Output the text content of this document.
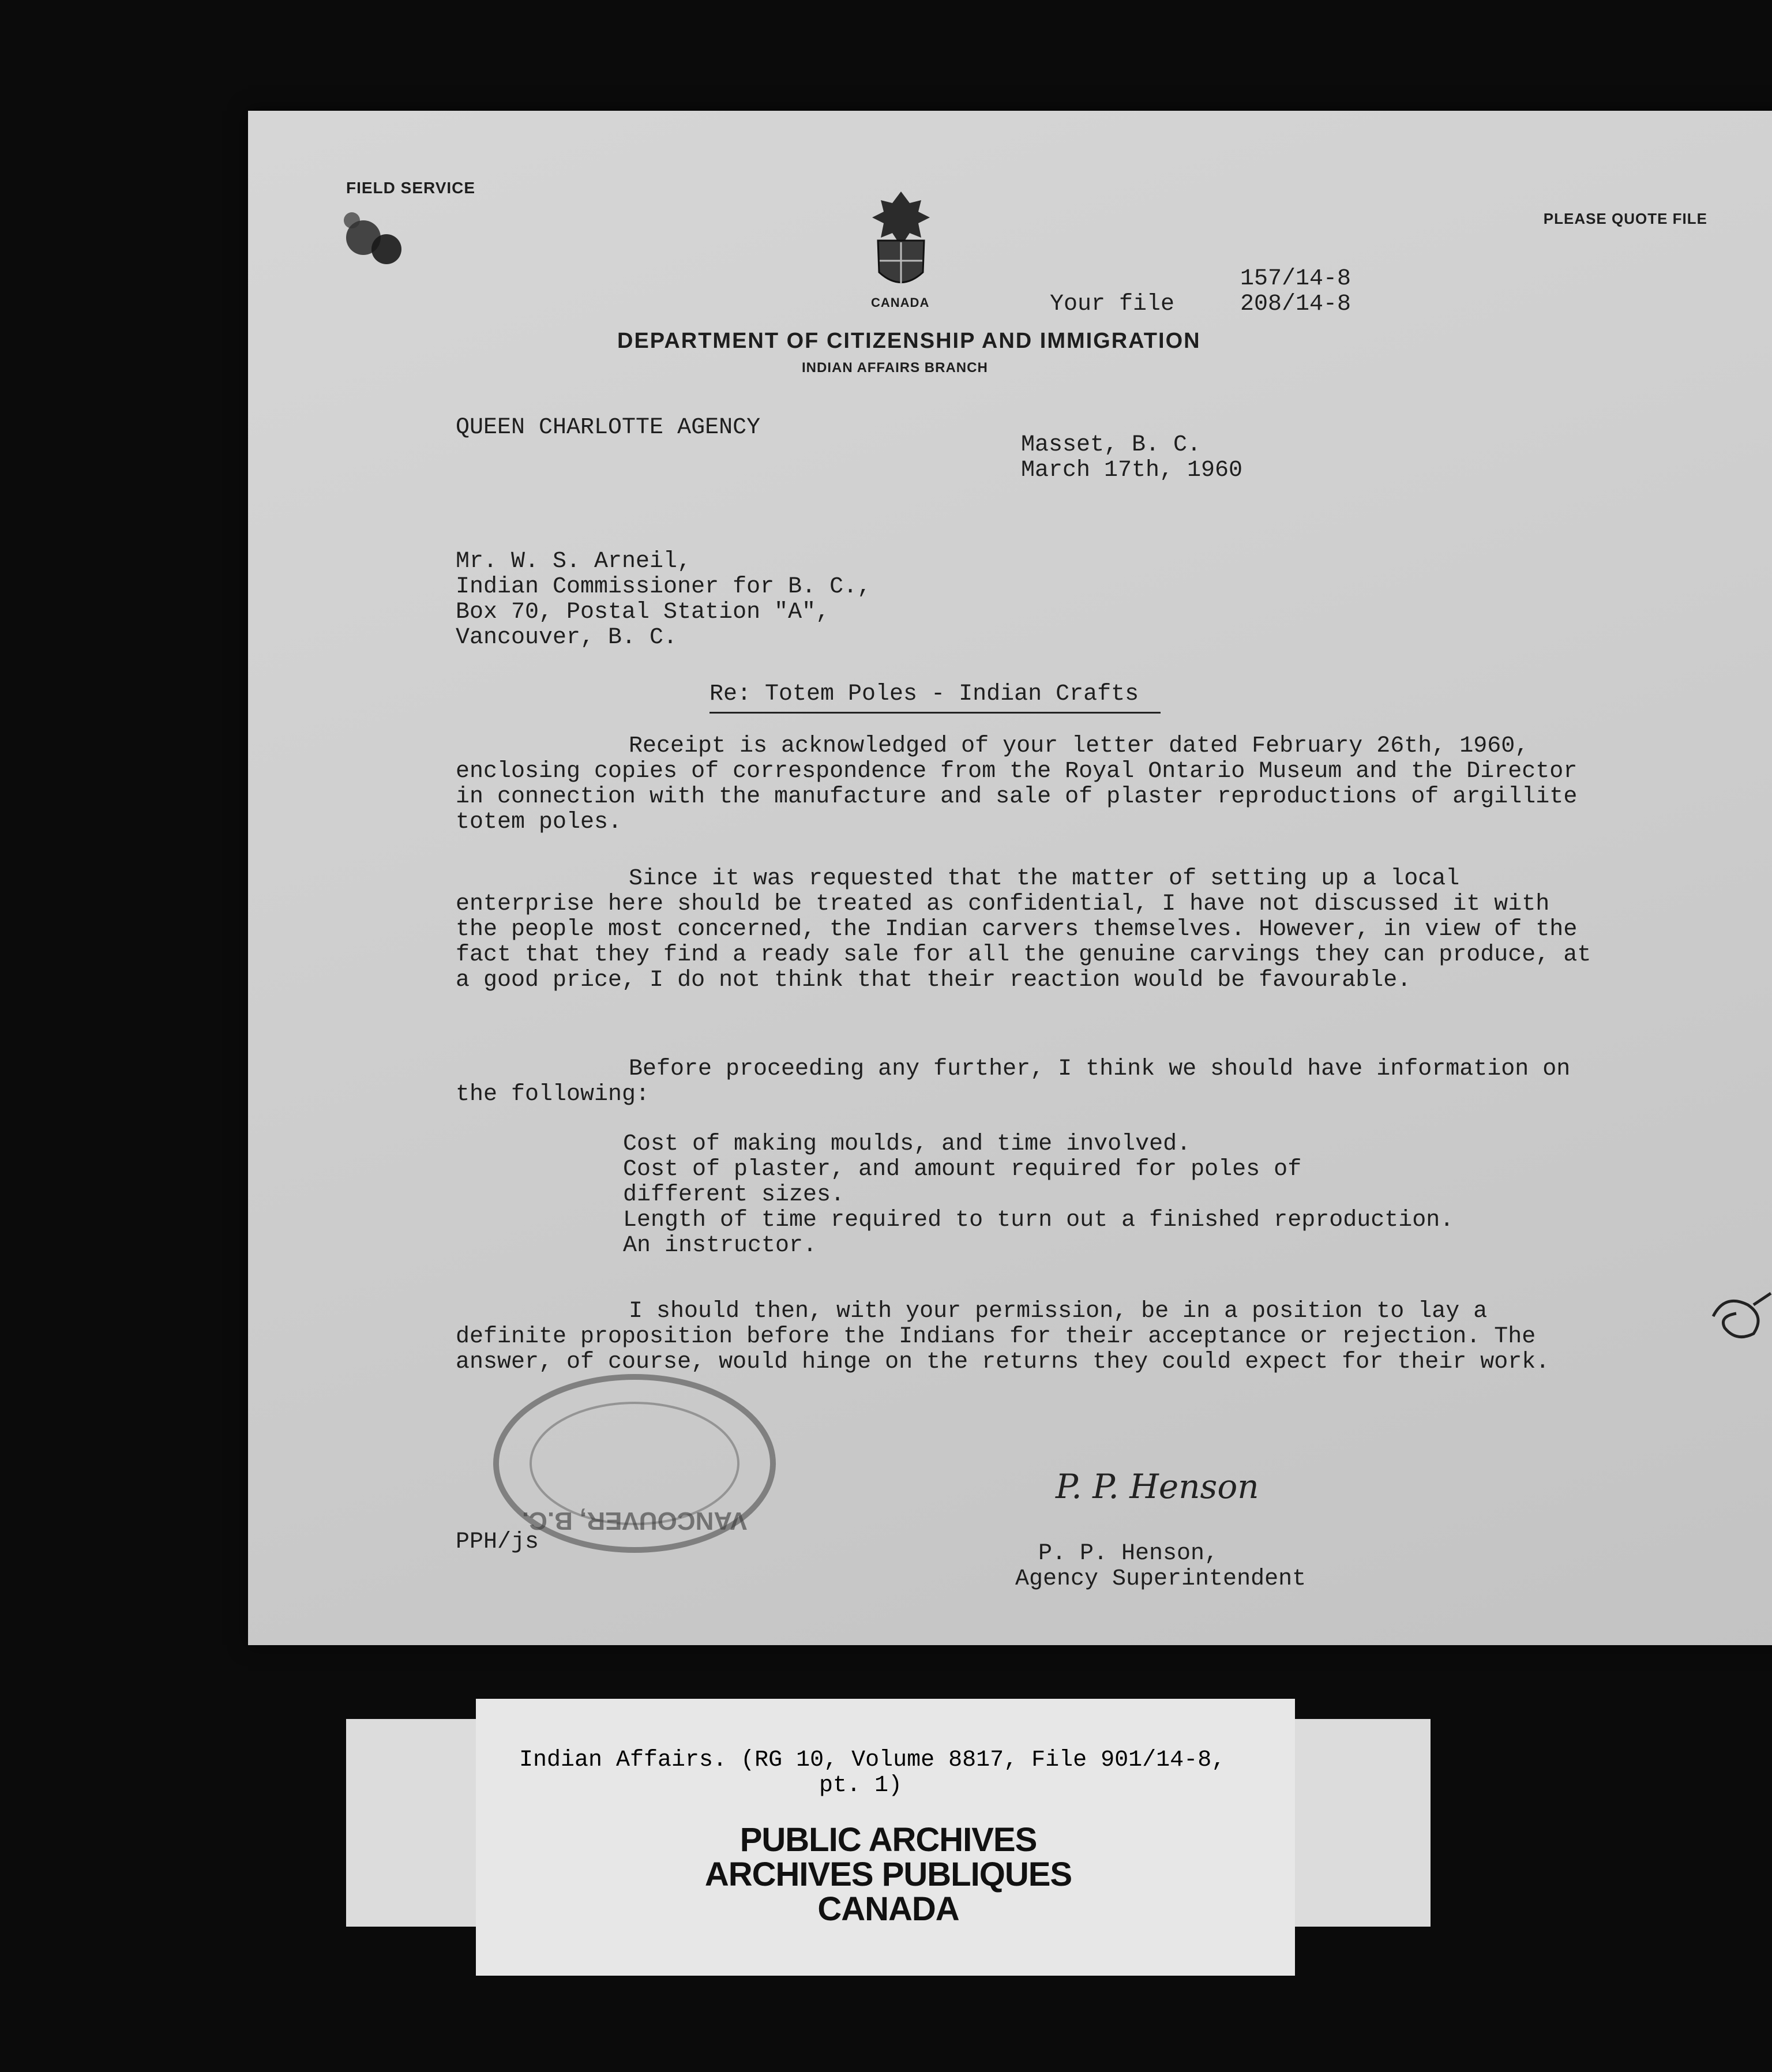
FIELD SERVICE
PLEASE QUOTE FILE
CANADA	Your file
157/14-8
208/14-8
DEPARTMENT OF CITIZENSHIP AND IMMIGRATION
INDIAN AFFAIRS BRANCH
QUEEN CHARLOTTE AGENCY
Masset, B. C.
March 17th, 1960
Mr. W. S. Arneil,
Indian Commissioner for B. C.,
Box 70, Postal Station "A",
Vancouver, B. C.
Re: Totem Poles - Indian Crafts
Receipt is acknowledged of your letter dated February 26th, 1960, enclosing copies of correspondence from the Royal Ontario Museum and the Director in connection with the manufacture and sale of plaster reproductions of argillite totem poles.
Since it was requested that the matter of setting up a local enterprise here should be treated as confidential, I have not discussed it with the people most concerned, the Indian carvers themselves. However, in view of the fact that they find a ready sale for all the genuine carvings they can produce, at a good price, I do not think that their reaction would be favourable.
Before proceeding any further, I think we should have information on the following:
Cost of making moulds, and time involved.
Cost of plaster, and amount required for poles of
different sizes.
Length of time required to turn out a finished reproduction.
An instructor.
I should then, with your permission, be in a position to lay a definite proposition before the Indians for their acceptance or rejection. The answer, of course, would hinge on the returns they could expect for their work.
VANCOUVER, B.C.
P. P. Henson
PPH/js	P. P. Henson,
Agency Superintendent
Indian Affairs. (RG 10, Volume 8817, File 901/14-8,
pt. 1)
PUBLIC ARCHIVES
ARCHIVES PUBLIQUES
CANADA
